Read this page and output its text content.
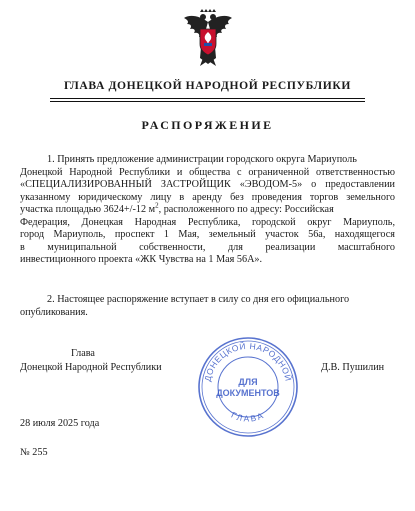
ГЛАВА ДОНЕЦКОЙ НАРОДНОЙ РЕСПУБЛИКИ
РАСПОРЯЖЕНИЕ
1. Принять предложение администрации городского округа Мариуполь
Донецкой Народной Республики и общества с ограниченной ответственностью
«СПЕЦИАЛИЗИРОВАННЫЙ ЗАСТРОЙЩИК «ЭВОДОМ-5» о предоставлении
указанному юридическому лицу в аренду без проведения торгов земельного
участка площадью 3624+/-12 $м^2$, расположенного по адресу: Российская
Федерация, Донецкая Народная Республика, городской округ Мариуполь,
город Мариуполь, проспект 1 Мая, земельный участок 56а, находящегося
в муниципальной собственности, для реализации масштабного
инвестиционного проекта «ЖК Чувства на 1 Мая 56А».
2. Настоящее распоряжение вступает в силу со дня его официального
опубликования.
Глава
Донецкой Народной Республики	Д.В. Пушилин
ДОНЕЦКОЙ НАРОДНОЙ
ГЛАВА
ДЛЯ
ДОКУМЕНТОВ
28 июля 2025 года
№ 255
